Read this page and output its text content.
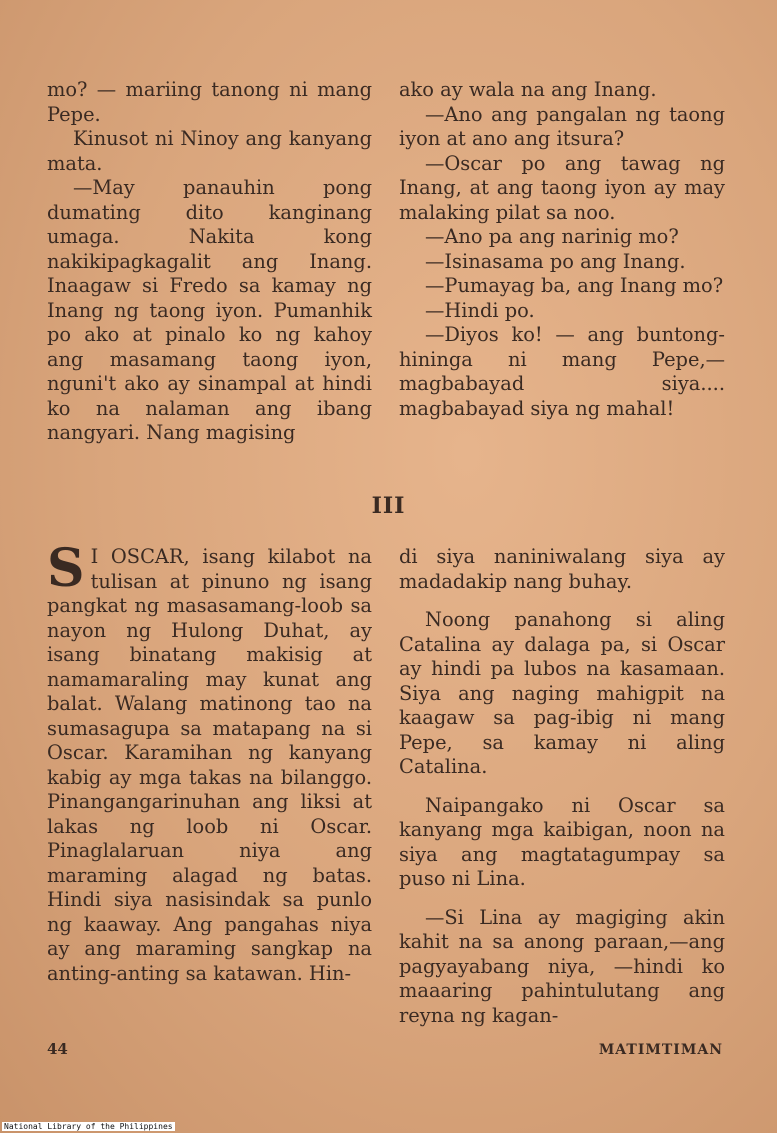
mo? — mariing tanong ni mang Pepe.

Kinusot ni Ninoy ang kanyang mata.

—May panauhin pong dumating dito kanginang umaga. Nakita kong nakikipagkagalit ang Inang. Inaagaw si Fredo sa kamay ng Inang ng taong iyon. Pumanhik po ako at pinalo ko ng kahoy ang masamang taong iyon, nguni't ako ay sinampal at hindi ko na nalaman ang ibang nangyari. Nang magising

ako ay wala na ang Inang.

—Ano ang pangalan ng taong iyon at ano ang itsura?

—Oscar po ang tawag ng Inang, at ang taong iyon ay may malaking pilat sa noo.

—Ano pa ang narinig mo?

—Isinasama po ang Inang.

—Pumayag ba, ang Inang mo?

—Hindi po.

—Diyos ko! — ang buntong-hininga ni mang Pepe,— magbabayad siya.... magbabayad siya ng mahal!

III

S I OSCAR, isang kilabot na tulisan at pinuno ng isang pangkat ng masasamang-loob sa nayon ng Hulong Duhat, ay isang binatang makisig at namamaraling may kunat ang balat. Walang matinong tao na sumasagupa sa matapang na si Oscar. Karamihan ng kanyang kabig ay mga takas na bilanggo. Pinangangarinuhan ang liksi at lakas ng loob ni Oscar. Pinaglalaruan niya ang maraming alagad ng batas. Hindi siya nasisindak sa punlo ng kaaway. Ang pangahas niya ay ang maraming sangkap na anting-anting sa katawan. Hin-

di siya naniniwalang siya ay madadakip nang buhay.

Noong panahong si aling Catalina ay dalaga pa, si Oscar ay hindi pa lubos na kasamaan. Siya ang naging mahigpit na kaagaw sa pag-ibig ni mang Pepe, sa kamay ni aling Catalina.

Naipangako ni Oscar sa kanyang mga kaibigan, noon na siya ang magtatagumpay sa puso ni Lina.

—Si Lina ay magiging akin kahit na sa anong paraan,—ang pagyayabang niya, —hindi ko maaaring pahintulutang ang reyna ng kagan-

44	MATIMTIMAN
National Library of the Philippines
